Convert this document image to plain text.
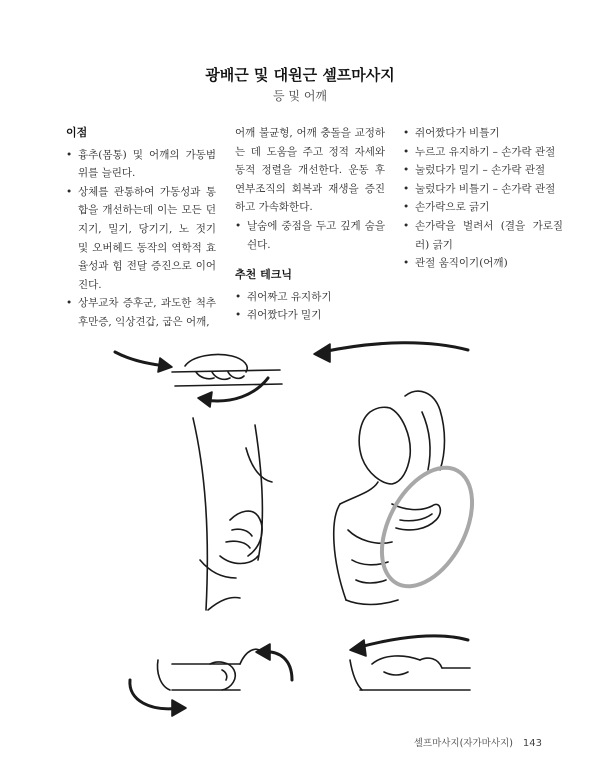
광배근 및 대원근 셀프마사지
등 및 어깨
이점
• 흉추(몸통) 및 어깨의 가동범위를 늘린다.
• 상체를 관통하여 가동성과 통합을 개선하는데 이는 모든 던지기, 밀기, 당기기, 노 젓기 및 오버헤드 동작의 역학적 효율성과 힘 전달 증진으로 이어진다.
• 상부교차 증후군, 과도한 척추후만증, 익상견갑, 굽은 어깨,
어깨 불균형, 어깨 충돌을 교정하는 데 도움을 주고 정적 자세와 동적 정렬을 개선한다. 운동 후 연부조직의 회복과 재생을 증진하고 가속화한다.
• 날숨에 중점을 두고 깊게 숨을 쉰다.
추천 테크닉
• 쥐어짜고 유지하기
• 쥐어짰다가 밀기
• 쥐어짰다가 비틀기
• 누르고 유지하기 – 손가락 관절
• 눌렀다가 밀기 – 손가락 관절
• 눌렀다가 비틀기 – 손가락 관절
• 손가락으로 긁기
• 손가락을 벌려서 (결을 가로질러) 긁기
• 관절 움직이기(어깨)
셀프마사지(자가마사지) 143
